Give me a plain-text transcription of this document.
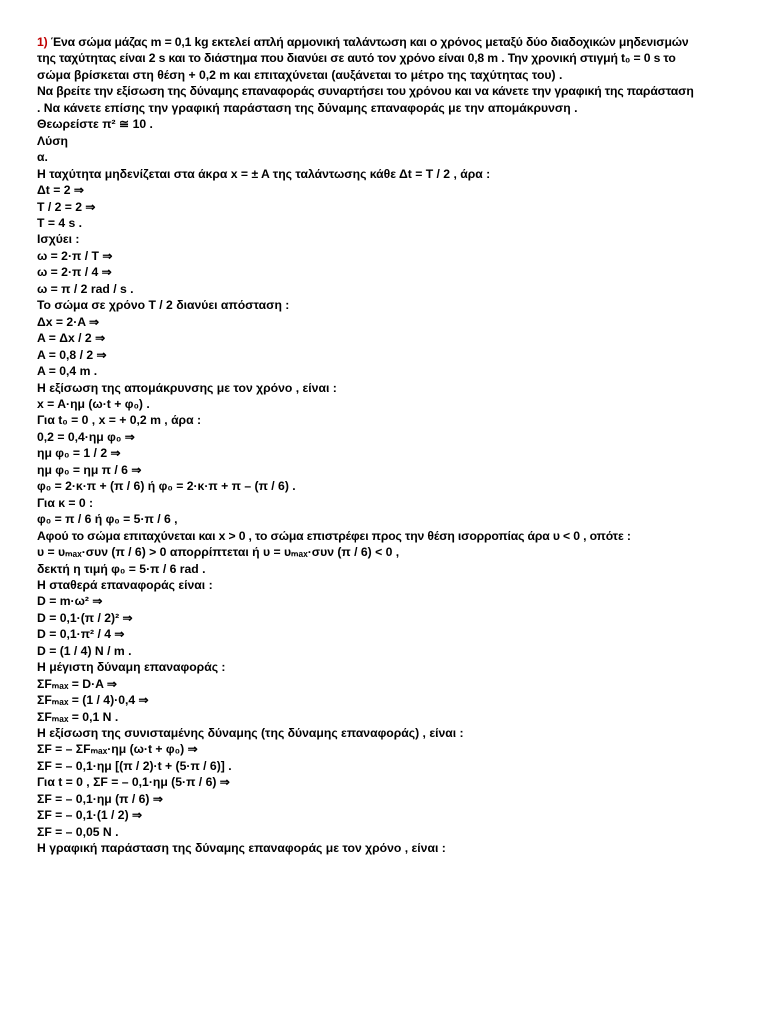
1) Ένα σώμα μάζας m = 0,1 kg εκτελεί απλή αρμονική ταλάντωση και ο χρόνος μεταξύ δύο διαδοχικών μηδενισμών
της ταχύτητας είναι 2 s και το διάστημα που διανύει σε αυτό τον χρόνο είναι 0,8 m . Την χρονική στιγμή t₀ = 0 s το
σώμα βρίσκεται στη θέση + 0,2 m και επιταχύνεται (αυξάνεται το μέτρο της ταχύτητας του) .
Να βρείτε την εξίσωση της δύναμης επαναφοράς συναρτήσει του χρόνου και να κάνετε την γραφική της παράσταση
. Να κάνετε επίσης την γραφική παράσταση της δύναμης επαναφοράς με την απομάκρυνση .
Θεωρείστε π² ≅ 10 .
Λύση
α.
Η ταχύτητα μηδενίζεται στα άκρα x = ± A της ταλάντωσης κάθε Δt = T / 2 , άρα :
Δt = 2 ⇒
T / 2 = 2 ⇒
T = 4 s .
Ισχύει :
ω = 2·π / T ⇒
ω = 2·π / 4 ⇒
ω = π / 2 rad / s .
Το σώμα σε χρόνο T / 2 διανύει απόσταση :
Δx = 2·A ⇒
A = Δx / 2 ⇒
A = 0,8 / 2 ⇒
A = 0,4 m .
Η εξίσωση της απομάκρυνσης με τον χρόνο , είναι :
x = A·ημ (ω·t + φ₀) .
Για t₀ = 0 , x = + 0,2 m , άρα :
0,2 = 0,4·ημ φ₀ ⇒
ημ φ₀ = 1 / 2 ⇒
ημ φ₀ = ημ π / 6 ⇒
φ₀ = 2·κ·π + (π / 6) ή φ₀ = 2·κ·π + π – (π / 6) .
Για κ = 0 :
φ₀ = π / 6 ή φ₀ = 5·π / 6 ,
Αφού το σώμα επιταχύνεται και x > 0 , το σώμα επιστρέφει προς την θέση ισορροπίας άρα υ < 0 , οπότε :
υ = υₘₐₓ·συν (π / 6) > 0 απορρίπτεται ή υ = υₘₐₓ·συν (π / 6) < 0 ,
δεκτή η τιμή φ₀ = 5·π / 6 rad .
Η σταθερά επαναφοράς είναι :
D = m·ω² ⇒
D = 0,1·(π / 2)² ⇒
D = 0,1·π² / 4 ⇒
D = (1 / 4) N / m .
Η μέγιστη δύναμη επαναφοράς :
ΣFₘₐₓ = D·A ⇒
ΣFₘₐₓ = (1 / 4)·0,4 ⇒
ΣFₘₐₓ = 0,1 N .
Η εξίσωση της συνισταμένης δύναμης (της δύναμης επαναφοράς) , είναι :
ΣF = – ΣFₘₐₓ·ημ (ω·t + φ₀) ⇒
ΣF = – 0,1·ημ [(π / 2)·t + (5·π / 6)] .
Για t = 0 , ΣF = – 0,1·ημ (5·π / 6) ⇒
ΣF = – 0,1·ημ (π / 6) ⇒
ΣF = – 0,1·(1 / 2) ⇒
ΣF = – 0,05 N .
Η γραφική παράσταση της δύναμης επαναφοράς με τον χρόνο , είναι :
